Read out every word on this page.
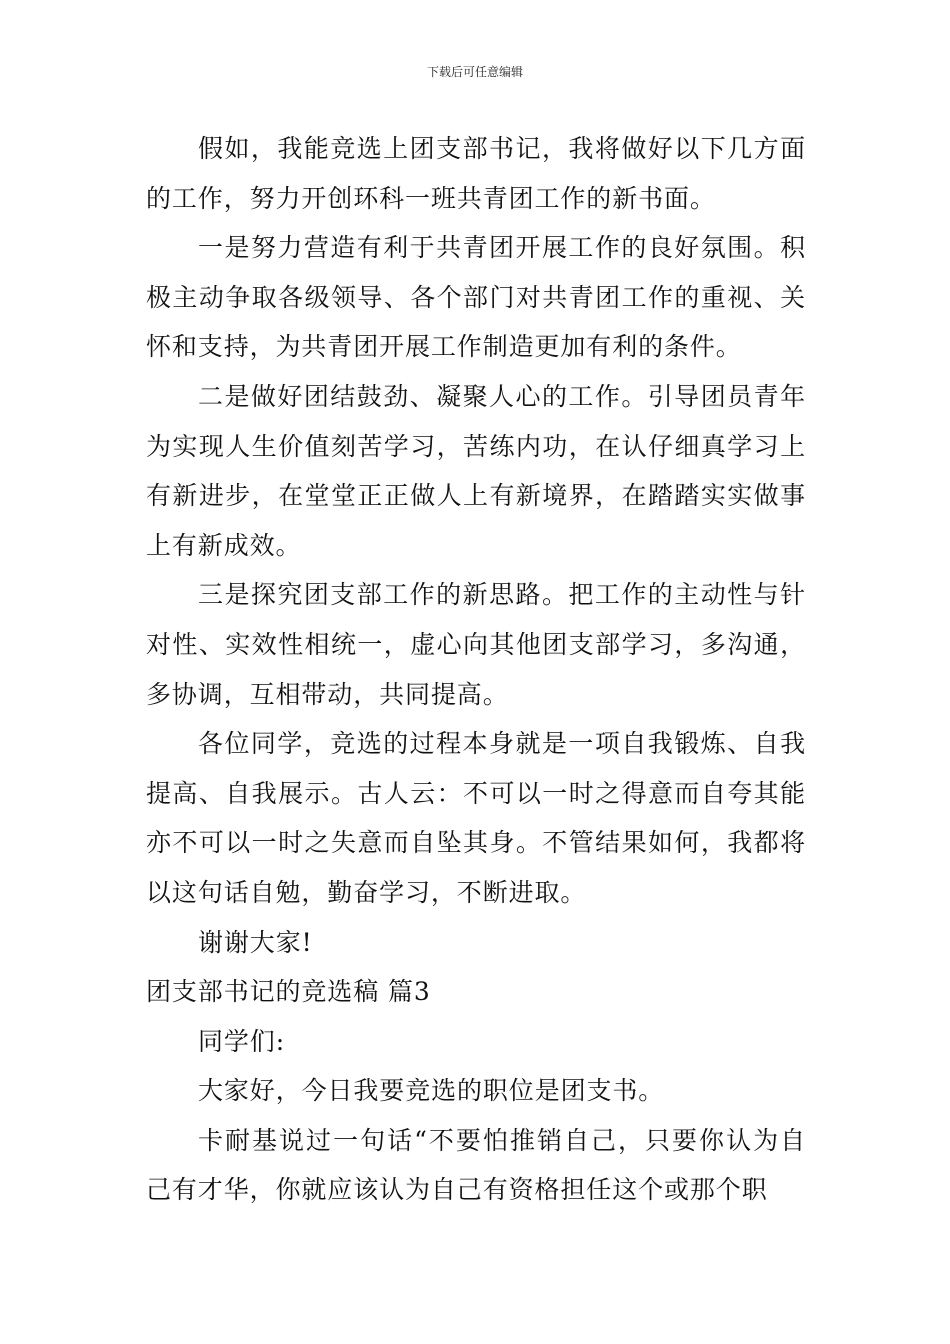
下载后可任意编辑

假如，我能竞选上团支部书记，我将做好以下几方面的工作，努力开创环科一班共青团工作的新书面。

一是努力营造有利于共青团开展工作的良好氛围。积极主动争取各级领导、各个部门对共青团工作的重视、关怀和支持，为共青团开展工作制造更加有利的条件。

二是做好团结鼓劲、凝聚人心的工作。引导团员青年为实现人生价值刻苦学习，苦练内功，在认仔细真学习上有新进步，在堂堂正正做人上有新境界，在踏踏实实做事上有新成效。

三是探究团支部工作的新思路。把工作的主动性与针对性、实效性相统一，虚心向其他团支部学习，多沟通，多协调，互相带动，共同提高。

各位同学，竞选的过程本身就是一项自我锻炼、自我提高、自我展示。古人云：不可以一时之得意而自夸其能亦不可以一时之失意而自坠其身。不管结果如何，我都将以这句话自勉，勤奋学习，不断进取。

谢谢大家!

团支部书记的竞选稿 篇3

同学们:

大家好，今日我要竞选的职位是团支书。

卡耐基说过一句话“不要怕推销自己，只要你认为自己有才华，你就应该认为自己有资格担任这个或那个职
